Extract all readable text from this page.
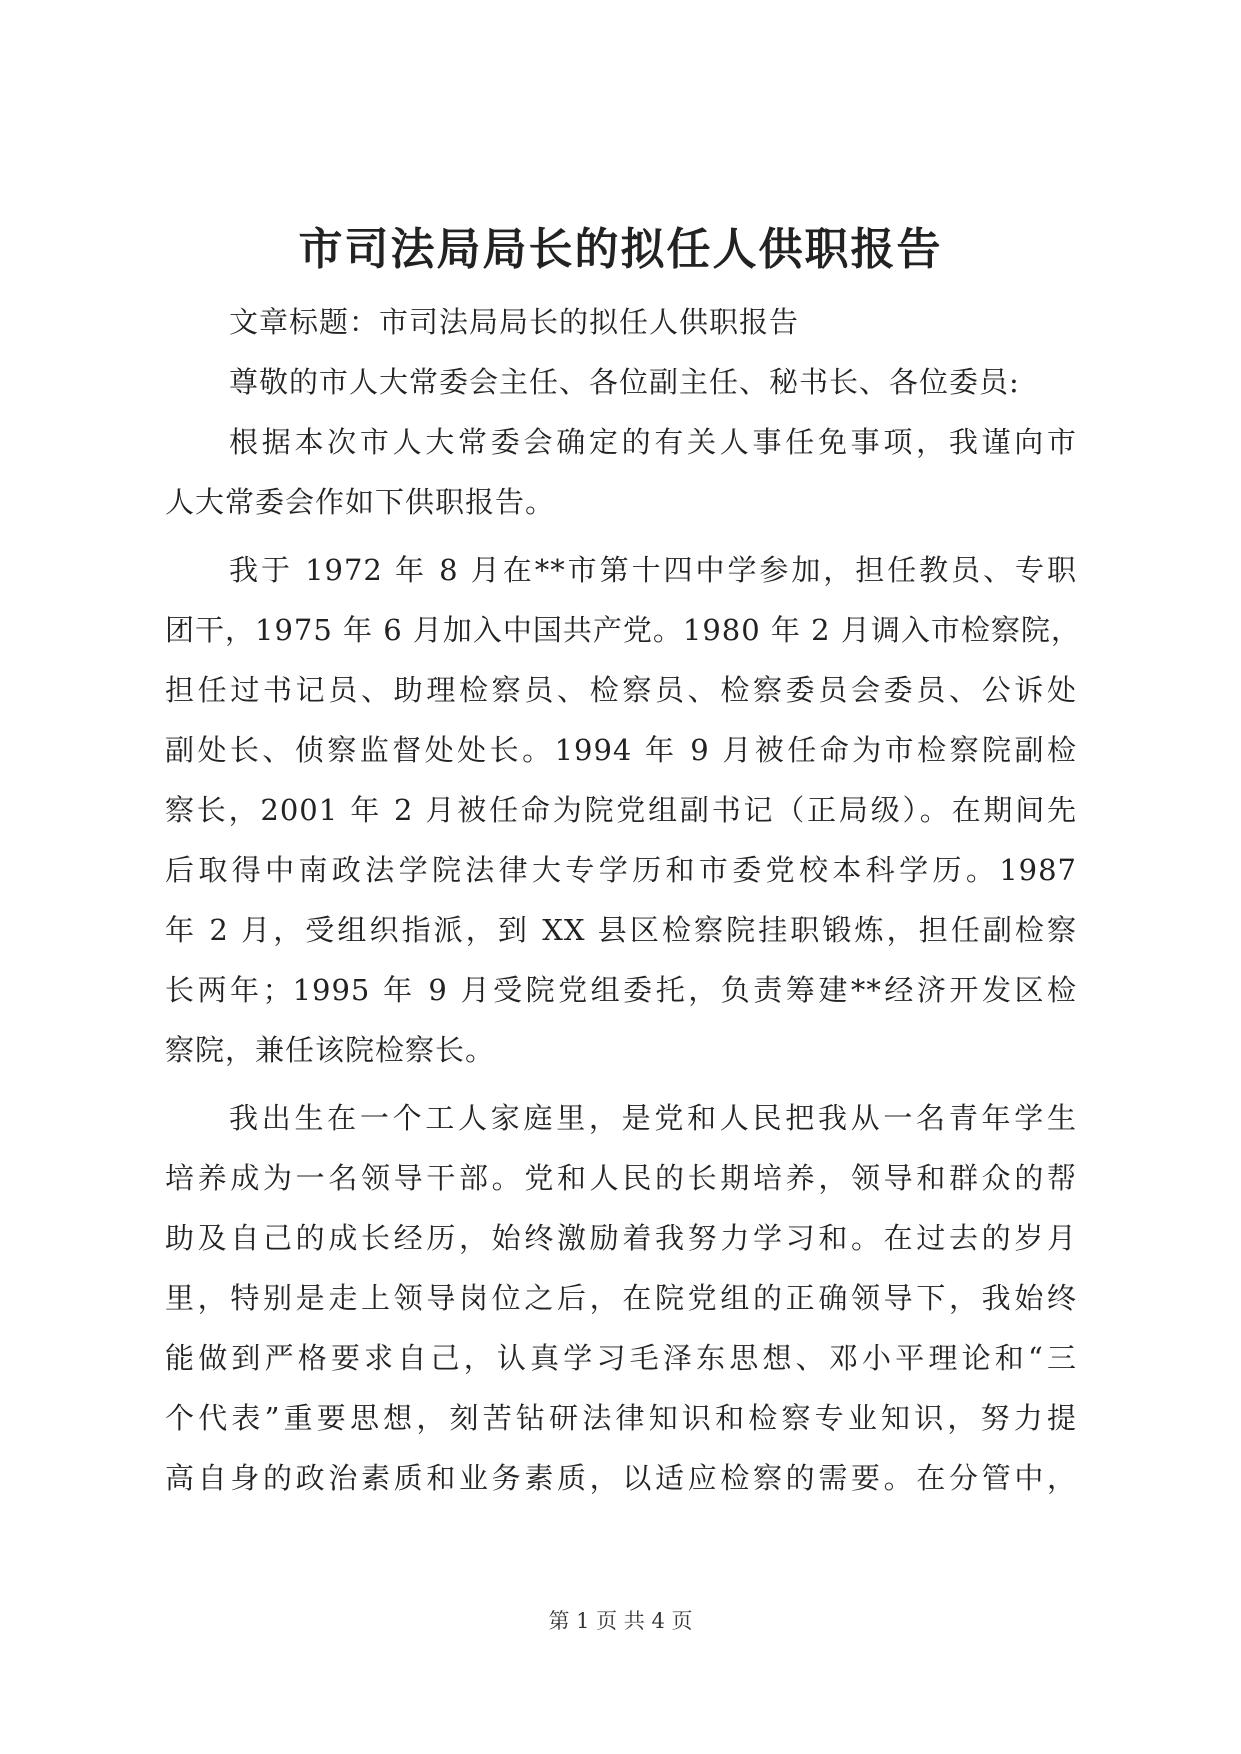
市司法局局长的拟任人供职报告
文章标题：市司法局局长的拟任人供职报告
尊敬的市人大常委会主任、各位副主任、秘书长、各位委员:
根据本次市人大常委会确定的有关人事任免事项，我谨向市
人大常委会作如下供职报告。
我于 1972 年 8 月在**市第十四中学参加，担任教员、专职
团干，1975 年 6 月加入中国共产党。1980 年 2 月调入市检察院，
担任过书记员、助理检察员、检察员、检察委员会委员、公诉处
副处长、侦察监督处处长。1994 年 9 月被任命为市检察院副检
察长，2001 年 2 月被任命为院党组副书记（正局级）。在期间先
后取得中南政法学院法律大专学历和市委党校本科学历。1987
年 2 月，受组织指派，到 XX 县区检察院挂职锻炼，担任副检察
长两年；1995 年 9 月受院党组委托，负责筹建**经济开发区检
察院，兼任该院检察长。
我出生在一个工人家庭里，是党和人民把我从一名青年学生
培养成为一名领导干部。党和人民的长期培养，领导和群众的帮
助及自己的成长经历，始终激励着我努力学习和。在过去的岁月
里，特别是走上领导岗位之后，在院党组的正确领导下，我始终
能做到严格要求自己，认真学习毛泽东思想、邓小平理论和“三
个代表”重要思想，刻苦钻研法律知识和检察专业知识，努力提
高自身的政治素质和业务素质，以适应检察的需要。在分管中，
第 1 页 共 4 页
